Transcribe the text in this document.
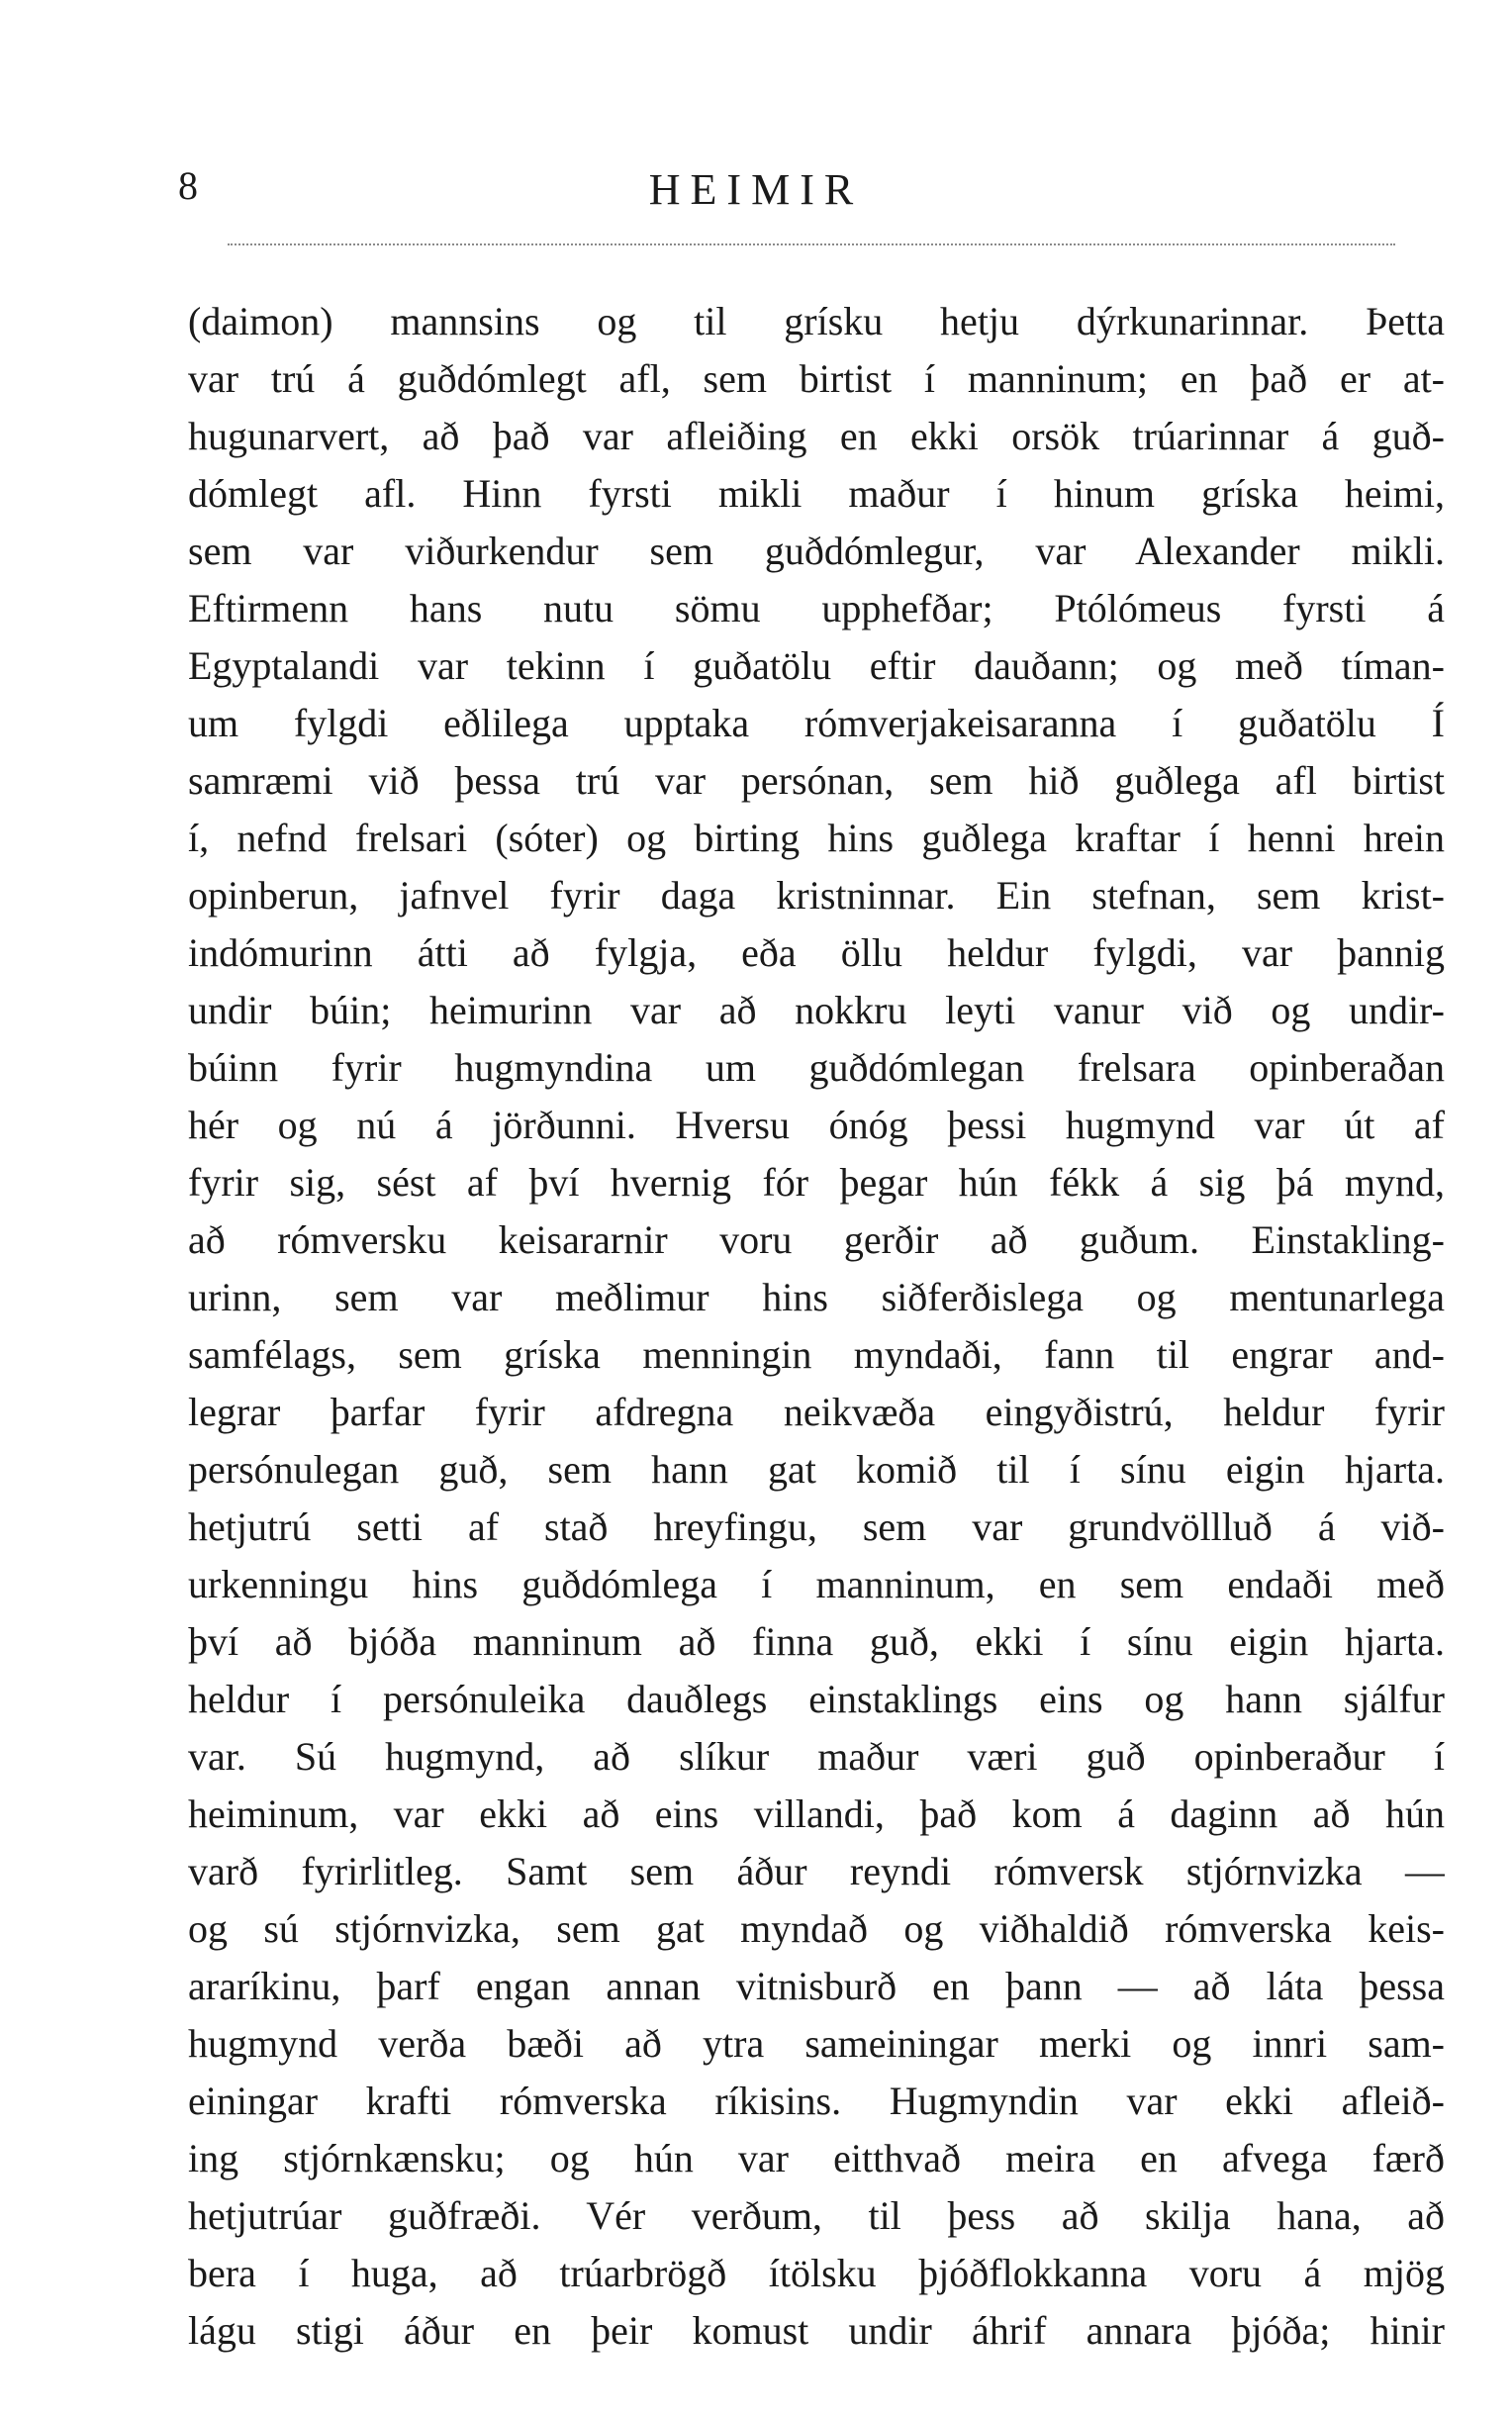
8	HEIMIR
(daimon) mannsins og til grísku hetju dýrkunarinnar. Þetta
var trú á guðdómlegt afl, sem birtist í manninum; en það er at-
hugunarvert, að það var afleiðing en ekki orsök trúarinnar á guð-
dómlegt afl. Hinn fyrsti mikli maður í hinum gríska heimi,
sem var viðurkendur sem guðdómlegur, var Alexander mikli.
Eftirmenn hans nutu sömu upphefðar; Ptólómeus fyrsti á
Egyptalandi var tekinn í guðatölu eftir dauðann; og með tíman-
um fylgdi eðlilega upptaka rómverjakeisaranna í guðatölu Í
samræmi við þessa trú var persónan, sem hið guðlega afl birtist
í, nefnd frelsari (sóter) og birting hins guðlega kraftar í henni hrein
opinberun, jafnvel fyrir daga kristninnar. Ein stefnan, sem krist-
indómurinn átti að fylgja, eða öllu heldur fylgdi, var þannig
undir búin; heimurinn var að nokkru leyti vanur við og undir-
búinn fyrir hugmyndina um guðdómlegan frelsara opinberaðan
hér og nú á jörðunni. Hversu ónóg þessi hugmynd var út af
fyrir sig, sést af því hvernig fór þegar hún fékk á sig þá mynd,
að rómversku keisararnir voru gerðir að guðum. Einstakling-
urinn, sem var meðlimur hins siðferðislega og mentunarlega
samfélags, sem gríska menningin myndaði, fann til engrar and-
legrar þarfar fyrir afdregna neikvæða eingyðistrú, heldur fyrir
persónulegan guð, sem hann gat komið til í sínu eigin hjarta.
hetjutrú setti af stað hreyfingu, sem var grundvöllluð á við-
urkenningu hins guðdómlega í manninum, en sem endaði með
því að bjóða manninum að finna guð, ekki í sínu eigin hjarta.
heldur í persónuleika dauðlegs einstaklings eins og hann sjálfur
var. Sú hugmynd, að slíkur maður væri guð opinberaður í
heiminum, var ekki að eins villandi, það kom á daginn að hún
varð fyrirlitleg. Samt sem áður reyndi rómversk stjórnvizka —
og sú stjórnvizka, sem gat myndað og viðhaldið rómverska keis-
araríkinu, þarf engan annan vitnisburð en þann — að láta þessa
hugmynd verða bæði að ytra sameiningar merki og innri sam-
einingar krafti rómverska ríkisins. Hugmyndin var ekki afleið-
ing stjórnkænsku; og hún var eitthvað meira en afvega færð
hetjutrúar guðfræði. Vér verðum, til þess að skilja hana, að
bera í huga, að trúarbrögð ítölsku þjóðflokkanna voru á mjög
lágu stigi áður en þeir komust undir áhrif annara þjóða; hinir
